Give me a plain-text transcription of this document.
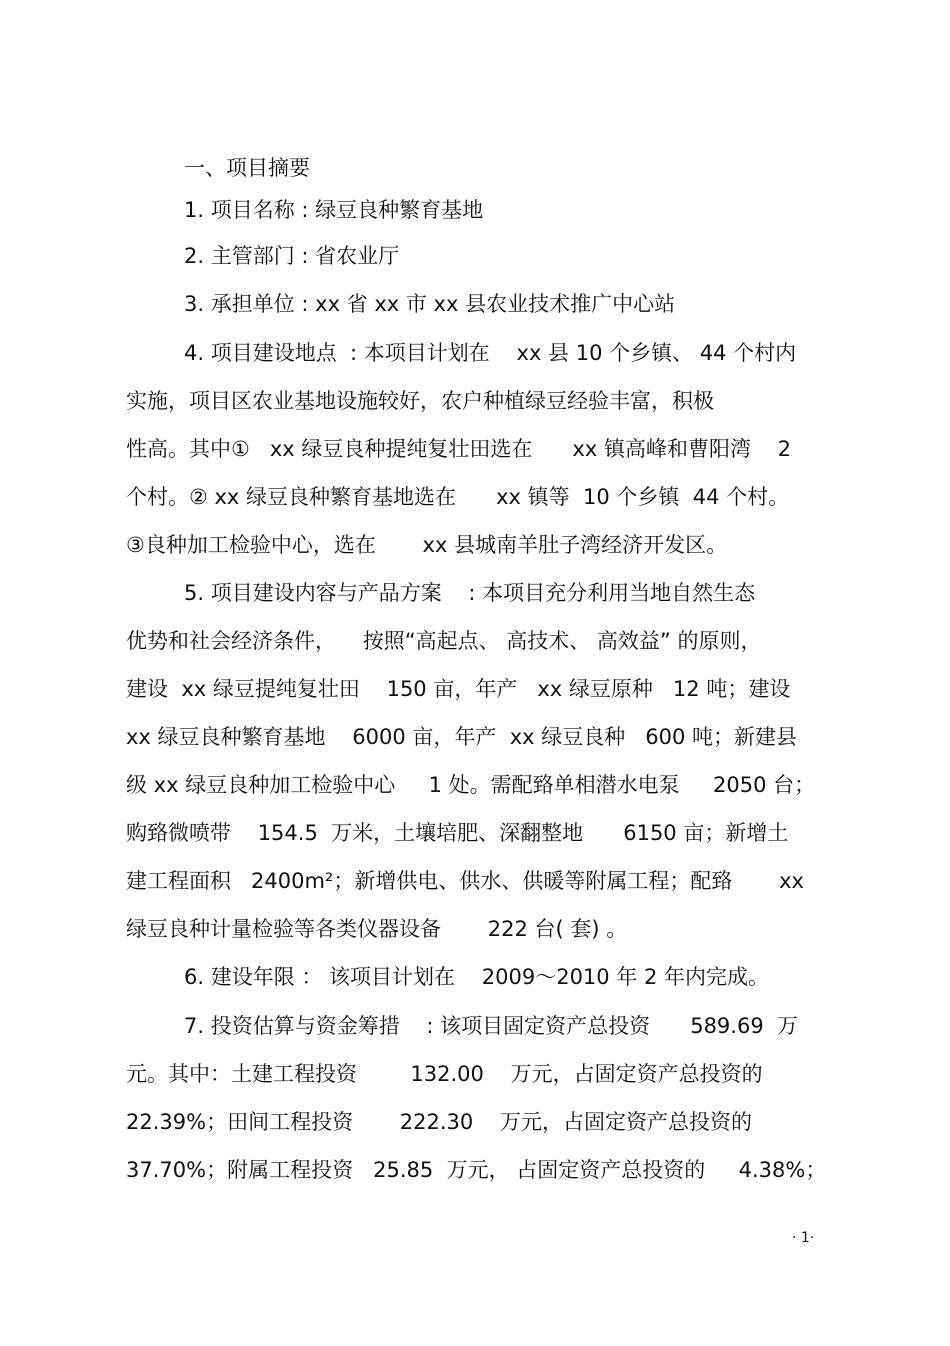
一、项目摘要
1. 项目名称 : 绿豆良种繁育基地
2. 主管部门 : 省农业厅
3. 承担单位 : xx 省 xx 市 xx 县农业技术推广中心站
4. 项目建设地点  : 本项目计划在    xx 县 10 个乡镇、 44 个村内
实施，项目区农业基地设施较好，农户种植绿豆经验丰富，积极
性高。其中①   xx 绿豆良种提纯复壮田选在      xx 镇高峰和曹阳湾    2
个村。② xx 绿豆良种繁育基地选在      xx 镇等  10 个乡镇  44 个村。
③良种加工检验中心，选在       xx 县城南羊肚子湾经济开发区。
5. 项目建设内容与产品方案    : 本项目充分利用当地自然生态
优势和社会经济条件，    按照“高起点、 高技术、 高效益” 的原则，
建设  xx 绿豆提纯复壮田    150 亩，年产   xx 绿豆原种   12 吨；建设
xx 绿豆良种繁育基地    6000 亩，年产  xx 绿豆良种   600 吨；新建县
级 xx 绿豆良种加工检验中心     1 处。需配臵单相潜水电泵     2050 台；
购臵微喷带    154.5  万米，土壤培肥、深翻整地      6150 亩；新增土
建工程面积   2400m²；新增供电、供水、供暖等附属工程；配臵       xx
绿豆良种计量检验等各类仪器设备       222 台( 套) 。
6. 建设年限 ： 该项目计划在    2009～2010 年 2 年内完成。
7. 投资估算与资金筹措    : 该项目固定资产总投资      589.69  万
元。其中：土建工程投资        132.00    万元，占固定资产总投资的
22.39%；田间工程投资       222.30    万元，占固定资产总投资的
37.70%；附属工程投资   25.85  万元， 占固定资产总投资的     4.38%；
· 1·
